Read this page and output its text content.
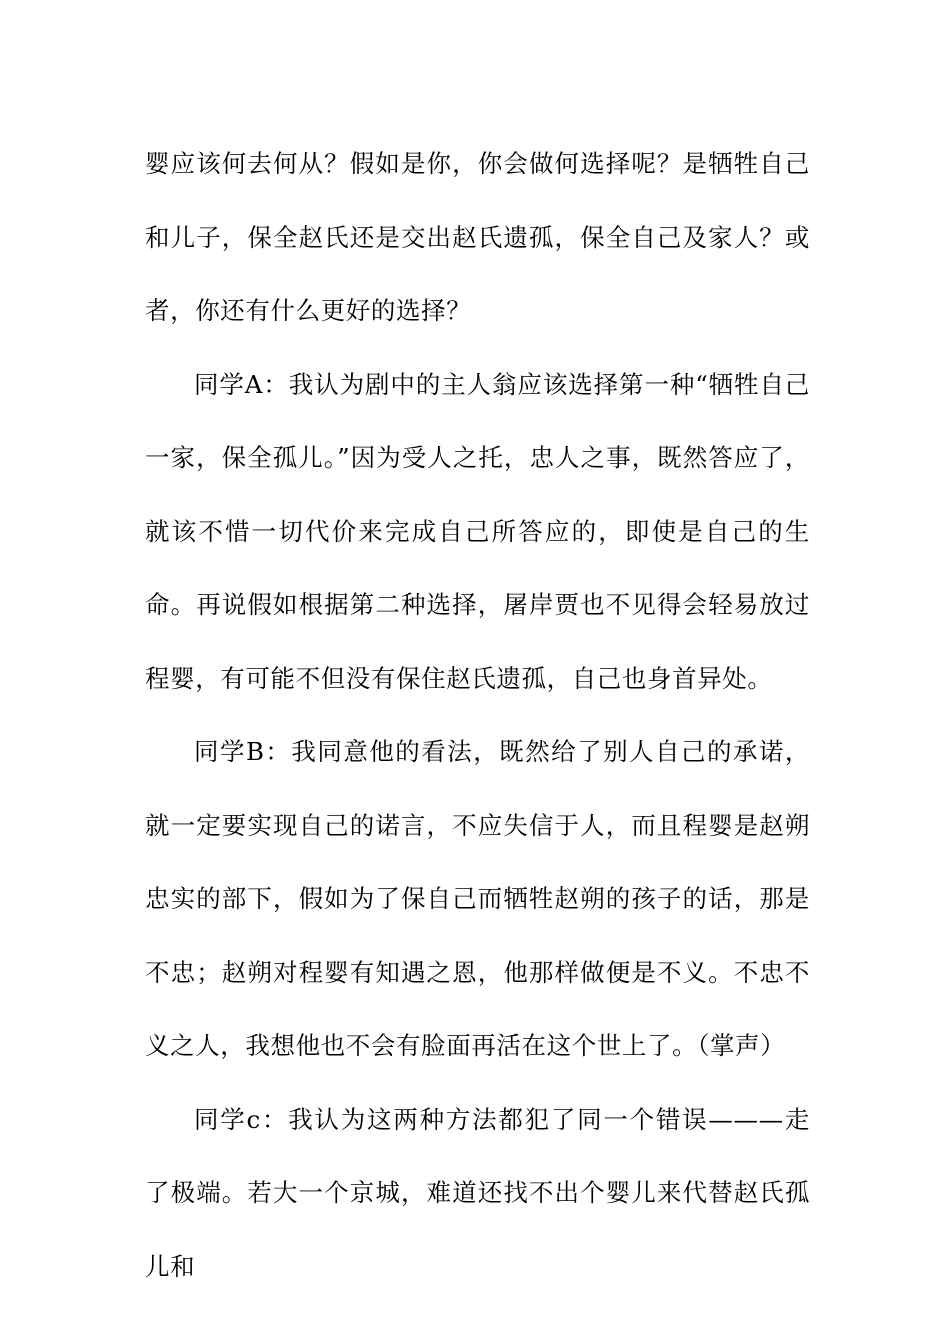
婴应该何去何从？假如是你，你会做何选择呢？是牺牲自己和儿子，保全赵氏还是交出赵氏遗孤，保全自己及家人？或者，你还有什么更好的选择？

同学A：我认为剧中的主人翁应该选择第一种“牺牲自己一家，保全孤儿。”因为受人之托，忠人之事，既然答应了，就该不惜一切代价来完成自己所答应的，即使是自己的生命。再说假如根据第二种选择，屠岸贾也不见得会轻易放过程婴，有可能不但没有保住赵氏遗孤，自己也身首异处。

同学B：我同意他的看法，既然给了别人自己的承诺，就一定要实现自己的诺言，不应失信于人，而且程婴是赵朔忠实的部下，假如为了保自己而牺牲赵朔的孩子的话，那是不忠；赵朔对程婴有知遇之恩，他那样做便是不义。不忠不义之人，我想他也不会有脸面再活在这个世上了。（掌声）

同学c：我认为这两种方法都犯了同一个错误———走了极端。若大一个京城，难道还找不出个婴儿来代替赵氏孤儿和
